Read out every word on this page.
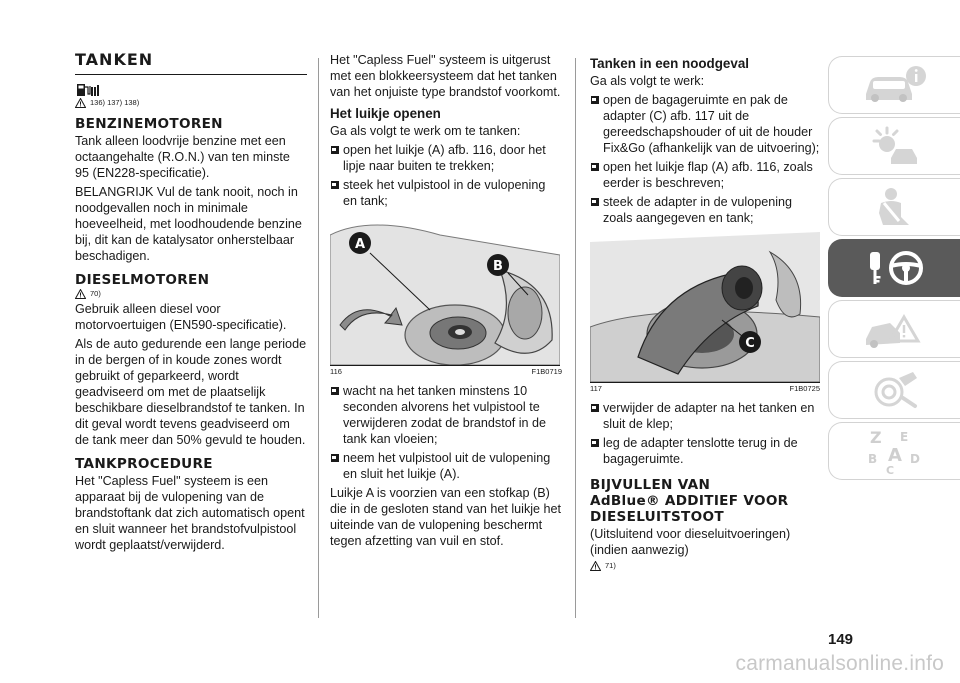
TANKEN
136) 137) 138)
BENZINEMOTOREN

Tank alleen loodvrije benzine met een octaangehalte (R.O.N.) van ten minste 95 (EN228-specificatie).

BELANGRIJK Vul de tank nooit, noch in noodgevallen noch in minimale hoeveelheid, met loodhoudende benzine bij, dit kan de katalysator onherstelbaar beschadigen.

DIESELMOTOREN
70)

Gebruik alleen diesel voor motorvoertuigen (EN590-specificatie).

Als de auto gedurende een lange periode in de bergen of in koude zones wordt gebruikt of geparkeerd, wordt geadviseerd om met de plaatselijk beschikbare dieselbrandstof te tanken. In dit geval wordt tevens geadviseerd om de tank meer dan 50% gevuld te houden.

TANKPROCEDURE

Het "Capless Fuel" systeem is een apparaat bij de vulopening van de brandstoftank dat zich automatisch opent en sluit wanneer het brandstofvulpistool wordt geplaatst/verwijderd.

Het "Capless Fuel" systeem is uitgerust met een blokkeersysteem dat het tanken van het onjuiste type brandstof voorkomt.

Het luikje openen

Ga als volgt te werk om te tanken:

open het luikje (A) afb. 116, door het lipje naar buiten te trekken;

steek het vulpistool in de vulopening en tank;

A
B
116	F1B0719

wacht na het tanken minstens 10 seconden alvorens het vulpistool te verwijderen zodat de brandstof in de tank kan vloeien;

neem het vulpistool uit de vulopening en sluit het luikje (A).

Luikje A is voorzien van een stofkap (B) die in de gesloten stand van het luikje het uiteinde van de vulopening beschermt tegen afzetting van vuil en stof.

Tanken in een noodgeval

Ga als volgt te werk:

open de bagageruimte en pak de adapter (C) afb. 117 uit de gereedschapshouder of uit de houder Fix&Go (afhankelijk van de uitvoering);

open het luikje flap (A) afb. 116, zoals eerder is beschreven;

steek de adapter in de vulopening zoals aangegeven en tank;

C
117	F1B0725

verwijder de adapter na het tanken en sluit de klep;

leg de adapter tenslotte terug in de bagageruimte.

BIJVULLEN VAN
AdBlue® ADDITIEF VOOR
DIESELUITSTOOT

(Uitsluitend voor dieseluitvoeringen) (indien aanwezig)

71)
Z E
B A D
C
149
carmanualsonline.info
